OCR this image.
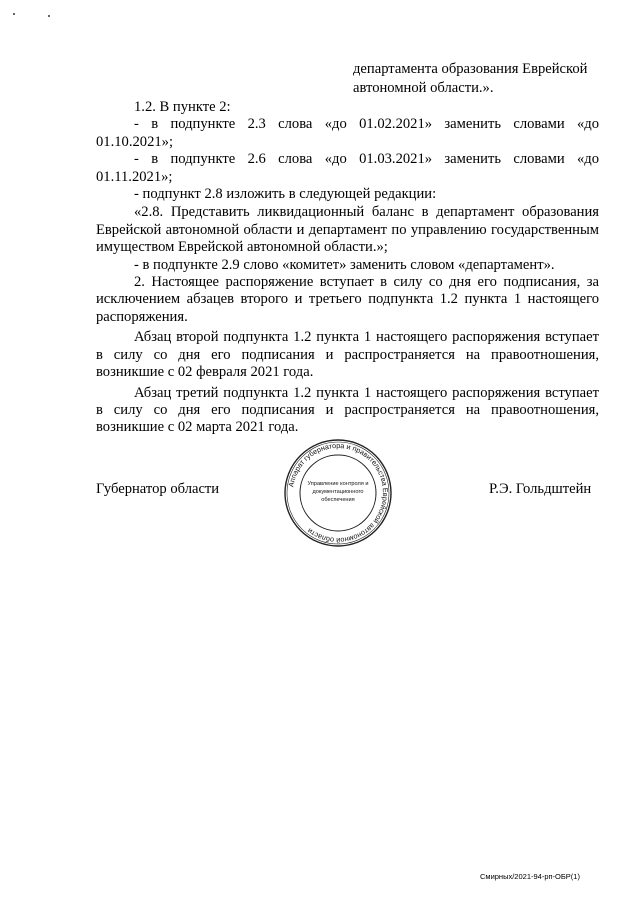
департамента образования Еврейской
автономной области.».

1.2. В пункте 2:

- в подпункте 2.3 слова «до 01.02.2021» заменить словами «до 01.10.2021»;

- в подпункте 2.6 слова «до 01.03.2021» заменить словами «до 01.11.2021»;

- подпункт 2.8 изложить в следующей редакции:

«2.8. Представить ликвидационный баланс в департамент образования Еврейской автономной области и департамент по управлению государственным имуществом Еврейской автономной области.»;

- в подпункте 2.9 слово «комитет» заменить словом «департамент».

2. Настоящее распоряжение вступает в силу со дня его подписания, за исключением абзацев второго и третьего подпункта 1.2 пункта 1 настоящего распоряжения.

Абзац второй подпункта 1.2 пункта 1 настоящего распоряжения вступает в силу со дня его подписания и распространяется на правоотношения, возникшие с 02 февраля 2021 года.

Абзац третий подпункта 1.2 пункта 1 настоящего распоряжения вступает в силу со дня его подписания и распространяется на правоотношения, возникшие с 02 марта 2021 года.

Губернатор области	Р.Э. Гольдштейн
Аппарат губернатора и правительства Еврейской автономной области
Управление контроля и
документационного
обеспечения
Смирных/2021-94-рп-ОБР(1)
